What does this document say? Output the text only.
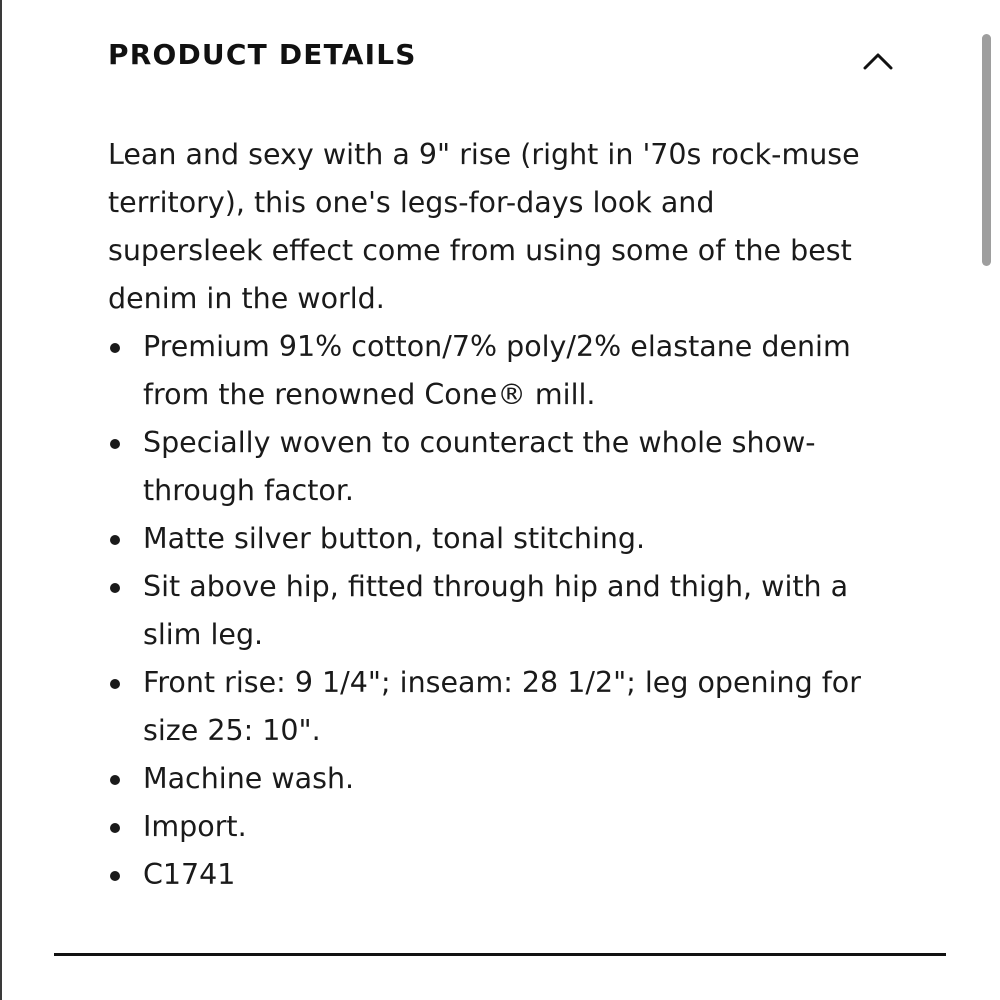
PRODUCT DETAILS

Lean and sexy with a 9" rise (right in '70s rock-muse territory), this one's legs-for-days look and supersleek effect come from using some of the best denim in the world.

Premium 91% cotton/7% poly/2% elastane denim from the renowned Cone® mill.
Specially woven to counteract the whole show-through factor.
Matte silver button, tonal stitching.
Sit above hip, fitted through hip and thigh, with a slim leg.
Front rise: 9 1/4"; inseam: 28 1/2"; leg opening for size 25: 10".
Machine wash.
Import.
C1741
